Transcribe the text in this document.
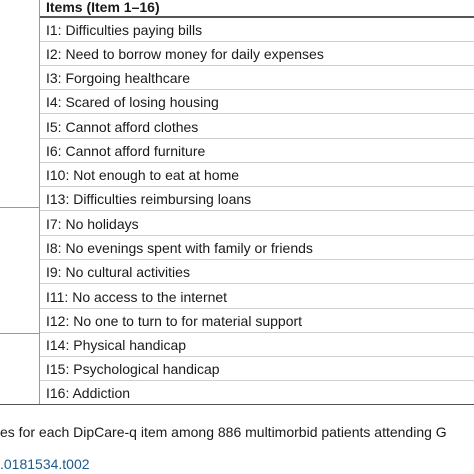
Items (Item 1–16)
I1: Difficulties paying bills
I2: Need to borrow money for daily expenses
I3: Forgoing healthcare
I4: Scared of losing housing
I5: Cannot afford clothes
I6: Cannot afford furniture
I10: Not enough to eat at home
I13: Difficulties reimbursing loans
I7: No holidays
I8: No evenings spent with family or friends
I9: No cultural activities
I11: No access to the internet
I12: No one to turn to for material support
I14: Physical handicap
I15: Psychological handicap
I16: Addiction
es for each DipCare-q item among 886 multimorbid patients attending G
.0181534.t002
